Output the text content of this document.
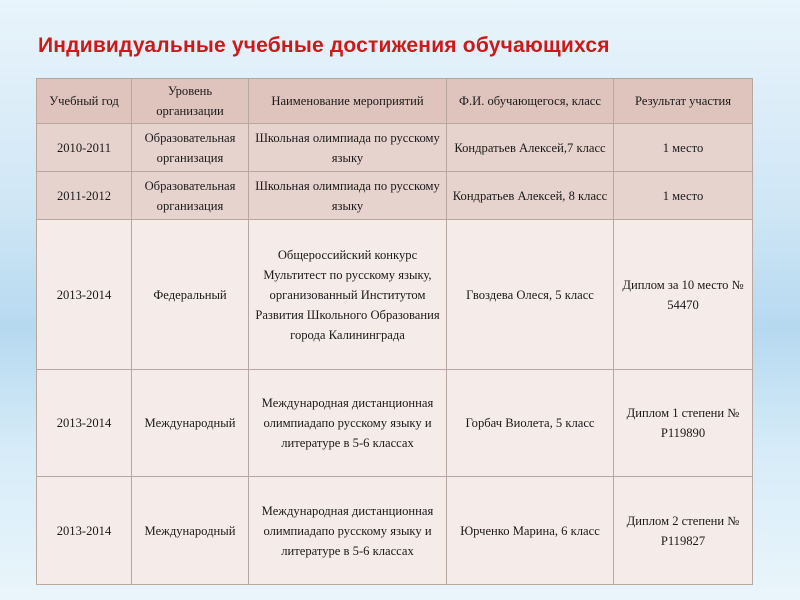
Индивидуальные учебные достижения обучающихся
Учебный год	Уровень организации	Наименование мероприятий	Ф.И. обучающегося, класс	Результат участия
2010-2011	Образовательная организация	Школьная олимпиада по русскому языку	Кондратьев Алексей,7 класс	1 место
2011-2012	Образовательная организация	Школьная олимпиада по русскому языку	Кондратьев Алексей, 8 класс	1 место
2013-2014	Федеральный	Общероссийский конкурс Мультитест по русскому языку, организованный Институтом Развития Школьного Образования города Калининграда	Гвоздева Олеся, 5 класс	Диплом за 10 место № 54470
2013-2014	Международный	Международная дистанционная олимпиадапо русскому языку и литературе в 5-6 классах	Горбач Виолета, 5 класс	Диплом 1 степени № Р119890
2013-2014	Международный	Международная дистанционная олимпиадапо русскому языку и литературе в 5-6 классах	Юрченко Марина, 6 класс	Диплом 2 степени № Р119827
